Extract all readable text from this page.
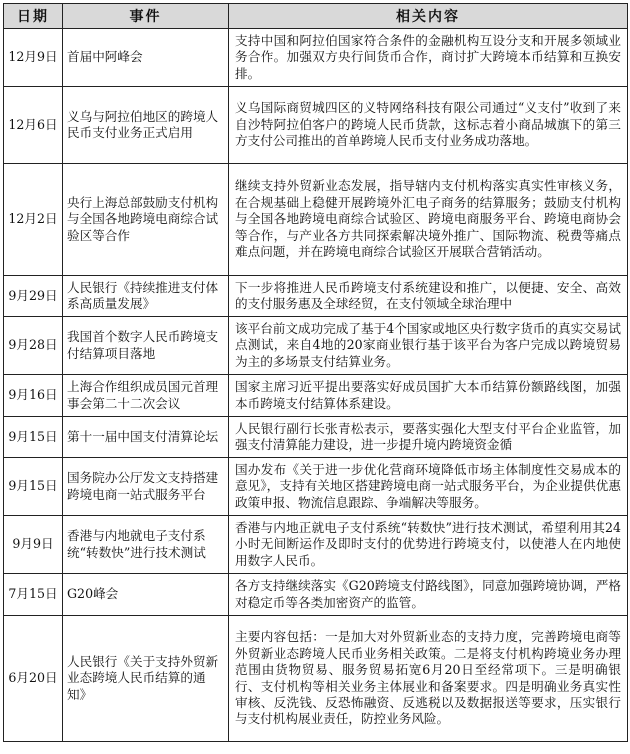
日期	事件	相关内容
12月9日	首届中阿峰会	支持中国和阿拉伯国家符合条件的金融机构互设分支和开展多领域业务合作。加强双方央行间货币合作，商讨扩大跨境本币结算和互换安排。
12月6日	义乌与阿拉伯地区的跨境人民币支付业务正式启用	义乌国际商贸城四区的义特网络科技有限公司通过“义支付”收到了来自沙特阿拉伯客户的跨境人民币货款，这标志着小商品城旗下的第三方支付公司推出的首单跨境人民币支付业务成功落地。
12月2日	央行上海总部鼓励支付机构与全国各地跨境电商综合试验区等合作	继续支持外贸新业态发展，指导辖内支付机构落实真实性审核义务，在合规基础上稳健开展跨境外汇电子商务的结算服务；鼓励支付机构与全国各地跨境电商综合试验区、跨境电商服务平台、跨境电商协会等合作，与产业各方共同探索解决境外推广、国际物流、税费等痛点难点问题，并在跨境电商综合试验区开展联合营销活动。
9月29日	人民银行《持续推进支付体系高质量发展》	下一步将推进人民币跨境支付系统建设和推广，以便捷、安全、高效的支付服务惠及全球经贸，在支付领域全球治理中
9月28日	我国首个数字人民币跨境支付结算项目落地	该平台前文成功完成了基于4个国家或地区央行数字货币的真实交易试点测试，来自4地的20家商业银行基于该平台为客户完成以跨境贸易为主的多场景支付结算业务。
9月16日	上海合作组织成员国元首理事会第二十二次会议	国家主席习近平提出要落实好成员国扩大本币结算份额路线图，加强本币跨境支付结算体系建设。
9月15日	第十一届中国支付清算论坛	人民银行副行长张青松表示，要落实强化大型支付平台企业监管，加强支付清算能力建设，进一步提升境内跨境资金循
9月15日	国务院办公厅发文支持搭建跨境电商一站式服务平台	国办发布《关于进一步优化营商环境降低市场主体制度性交易成本的意见》，支持有关地区搭建跨境电商一站式服务平台，为企业提供优惠政策申报、物流信息跟踪、争端解决等服务。
9月9日	香港与内地就电子支付系统“转数快”进行技术测试	香港与内地正就电子支付系统“转数快”进行技术测试，希望利用其24小时无间断运作及即时支付的优势进行跨境支付，以使港人在内地使用数字人民币。
7月15日	G20峰会	各方支持继续落实《G20跨境支付路线图》，同意加强跨境协调，严格对稳定币等各类加密资产的监管。
6月20日	人民银行《关于支持外贸新业态跨境人民币结算的通知》	主要内容包括：一是加大对外贸新业态的支持力度，完善跨境电商等外贸新业态跨境人民币业务相关政策。二是将支付机构跨境业务办理范围由货物贸易、服务贸易拓宽6月20日至经常项下。三是明确银行、支付机构等相关业务主体展业和备案要求。四是明确业务真实性审核、反洗钱、反恐怖融资、反逃税以及数据报送等要求，压实银行与支付机构展业责任，防控业务风险。
